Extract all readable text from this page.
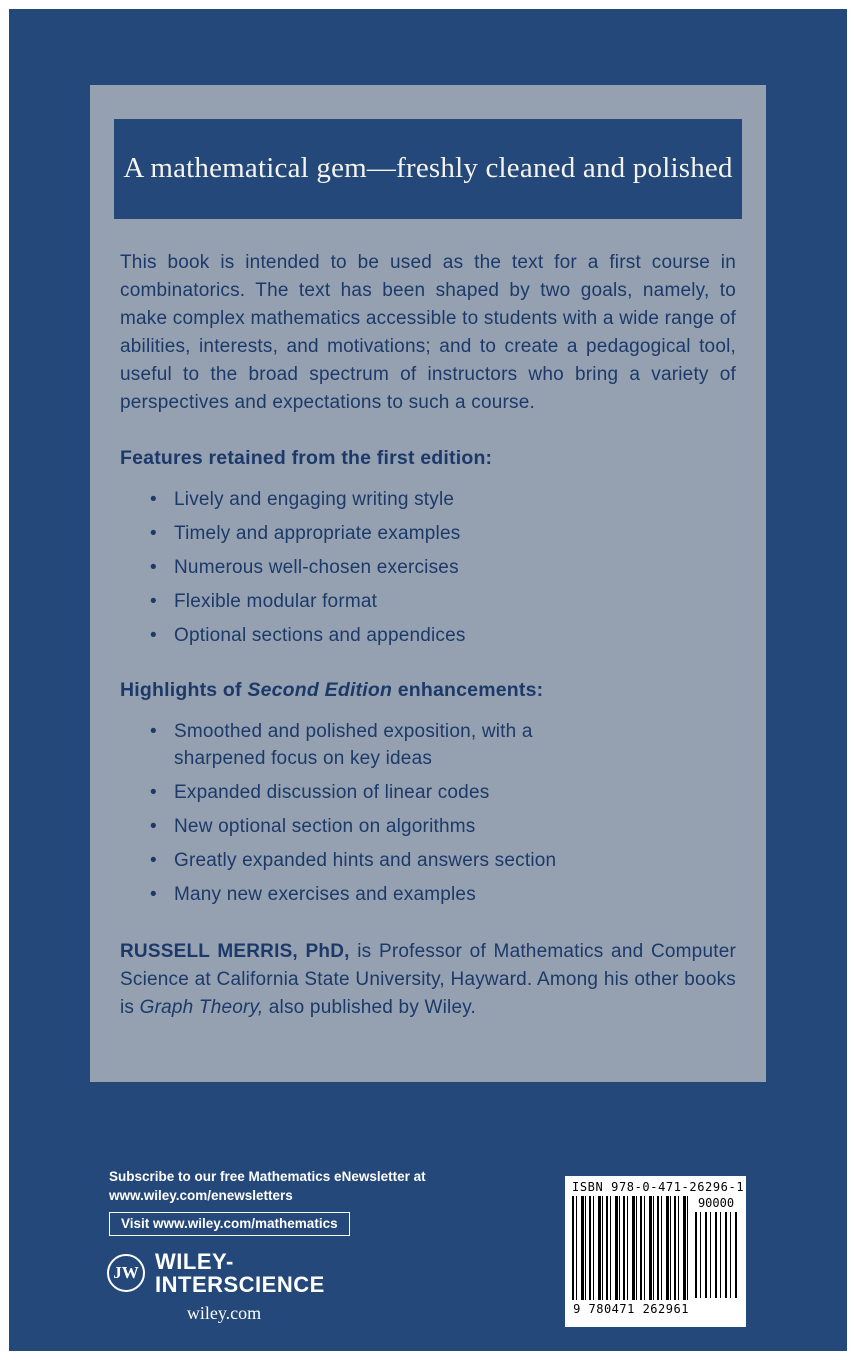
A mathematical gem—freshly cleaned and polished

This book is intended to be used as the text for a first course in combinatorics. The text has been shaped by two goals, namely, to make complex mathematics accessible to students with a wide range of abilities, interests, and motivations; and to create a pedagogical tool, useful to the broad spectrum of instructors who bring a variety of perspectives and expectations to such a course.

Features retained from the first edition:
• Lively and engaging writing style
• Timely and appropriate examples
• Numerous well-chosen exercises
• Flexible modular format
• Optional sections and appendices
Highlights of Second Edition enhancements:
• Smoothed and polished exposition, with a sharpened focus on key ideas
• Expanded discussion of linear codes
• New optional section on algorithms
• Greatly expanded hints and answers section
• Many new exercises and examples

RUSSELL MERRIS, PhD, is Professor of Mathematics and Computer Science at California State University, Hayward. Among his other books is Graph Theory, also published by Wiley.

Subscribe to our free Mathematics eNewsletter at
www.wiley.com/enewsletters
Visit www.wiley.com/mathematics
JW WILEY-
INTERSCIENCE
wiley.com
ISBN 978-0-471-26296-1
9 780471 262961
90000
